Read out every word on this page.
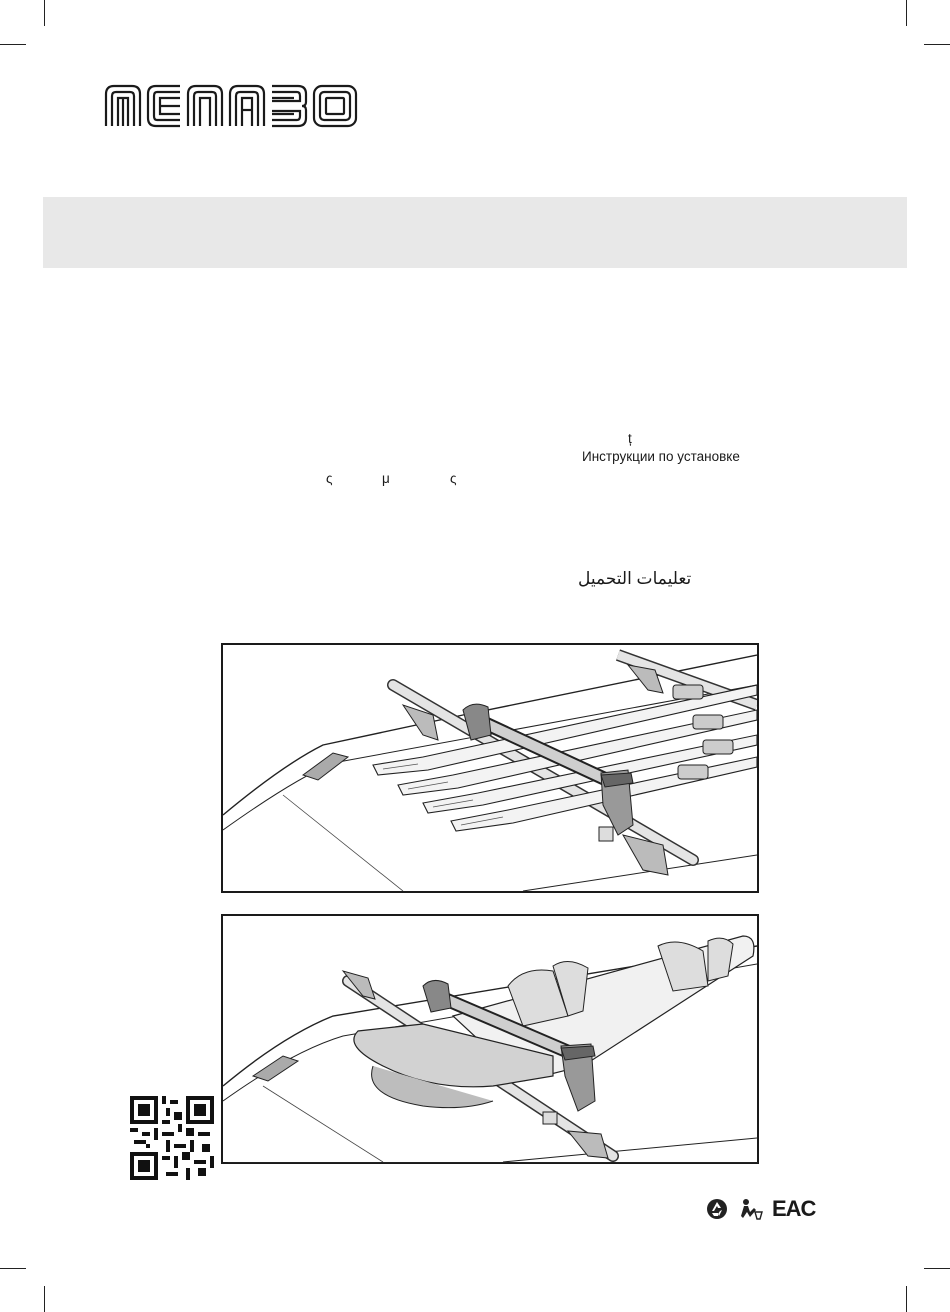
ț
Инструкции по установке
ς	μ	ς
تعليمات التحميل
EAC
